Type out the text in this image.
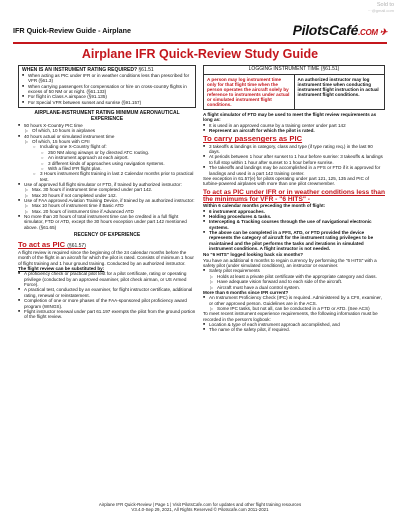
Sold to
···@gmail.com
IFR Quick-Review Guide - Airplane	PilotsCafé .COM ✈
Airplane IFR Quick-Review Study Guide
WHEN IS AN INSTRUMENT RATING REQUIRED? §61.51
■ When acting as PIC under IFR or in weather conditions less than prescribed for VFR (§61.3)
■ When carrying passengers for compensation or hire on cross-country flights in excess of 50 NM or at night. (§61.133)
■ For flight in Class A airspace (§91.135)
■ For Special VFR between sunset and sunrise (§91.157)
AIRPLANE-INSTRUMENT RATING MINIMUM AERONAUTICAL EXPERIENCE
■ 50 hours X-Country PIC time
▷ Of which, 10 hours in airplanes
■ 40 hours actual or simulated instrument time
▷ Of which, 15 hours with CFII
○ Including one X-Country flight of:
○ 250 NM along airways or by directed ATC routing.
○ An instrument approach at each airport.
○ 3 different kinds of approaches using navigation systems.
○ With a filed IFR flight plan.
○ 3 Hours instrument flight training in last 2 Calendar months prior to practical test.
■ Use of approved full flight simulator or FTD, if trained by authorized instructor:
▷ Max. 30 hours if instrument time completed under part 142.
▷ Max 20 hours if not completed under 142.
■ Use of FAA approved Aviation Training Device, if trained by an authorized instructor:
▷ Max 10 hours of instrument time if Basic ATD
▷ Max. 20 hours of instrument time if Advanced ATD
■ No more than 20 hours of total instrument time can be credited in a full flight simulator, FTD or ATD, except the 30 hours exception under part 142 mentioned above. (§61.65)
RECENCY OF EXPERIENCE
To act as PIC (§61.57)
A flight review is required since the beginning of the 24 calendar months before the month of the flight in an aircraft for which the pilot is rated. Consists of minimum 1 hour of flight training and 1 hour ground training. Conducted by an authorized instructor.
The flight review can be substituted by:
■ A proficiency check or practical pilot test for a pilot certificate, rating or operating privilege (conducted by an approved examiner, pilot check airman, or US Armed Force).
■ A practical test, conducted by an examiner, for flight instructor certificate, additional rating, renewal or reinstatement.
■ Completion of one or more phases of the FAA-sponsored pilot proficiency award program (WINGS).
■ Flight instructor renewal under part 61.197 exempts the pilot from the ground portion of the flight review.
LOGGING INSTRUMENT TIME (§61.51)
A person may log instrument time only for that flight time when the person operates the aircraft solely by reference to instruments under actual or simulated instrument flight conditions.
An authorized instructor may log instrument time when conducting instrument flight instruction in actual instrument flight conditions.
A flight simulator of FTD may be used to meet the flight review requirements as long as:
■ It is used in an approved course by a training center under part 142
■ Represent an aircraft for which the pilot is rated.
To carry passengers as PIC
■ 3 takeoffs & landings in category, class and type (if type rating req.) in the last 90 days.
■ At periods between 1 hour after sunset to 1 hour before sunrise: 3 takeoffs & landings to full stop within 1 hour after sunset to 1 hour before sunrise.
■ The takeoffs and landings may be accomplished in a FFS or FTD if it is approved for landings and used in a part 142 training center.
See exception in 61.57(e) for pilots operating under part 121, 125, 135 and PIC of turbine-powered airplanes with more than one pilot crewmember.
To act as PIC under IFR or in weather conditions less than the minimums for VFR - "6 HITS" -
Within 6 calendar months preceding the month of flight:
■ 6 instrument approaches.
■ Holding procedures & tasks.
■ Intercepting & Tracking courses through the use of navigational electronic systems.
■ The above can be completed in a FFS, ATD, or FTD provided the device represents the category of aircraft for the instrument rating privileges to be maintained and the pilot performs the tasks and iterations in simulated instrument conditions. A flight instructor is not needed.
No "6 HITS" logged looking back six months?
You have an additional 6 months to regain currency by performing the "6 HITS" with a safety pilot (under simulated conditions), an instructor or examiner.
■ Safety pilot requirements
▷ Holds at least a private pilot certificate with the appropriate category and class.
▷ Have adequate vision forward and to each side of the aircraft.
▷ Aircraft must have a dual control system.
More than 6 months since IFR current?
■ An Instrument Proficiency Check (IPC) is required. Administered by a CFII, examiner, or other approved person. Guidelines are in the ACS.
▷ Some IPC tasks, but not all, can be conducted in a FTD or ATD. (See ACS)
To meet recent instrument experience requirements, the following information must be recorded in the person's logbook:
■ Location & type of each instrument approach accomplished, and
■ The name of the safety pilot, if required.
Airplane IFR Quick-Review | Page 1 | Visit PilotsCafe.com for updates and other flight training resources
V3.4.0-Sep 29, 2021, All Rights Reserved © Pilotscafe.com 2011-2021
